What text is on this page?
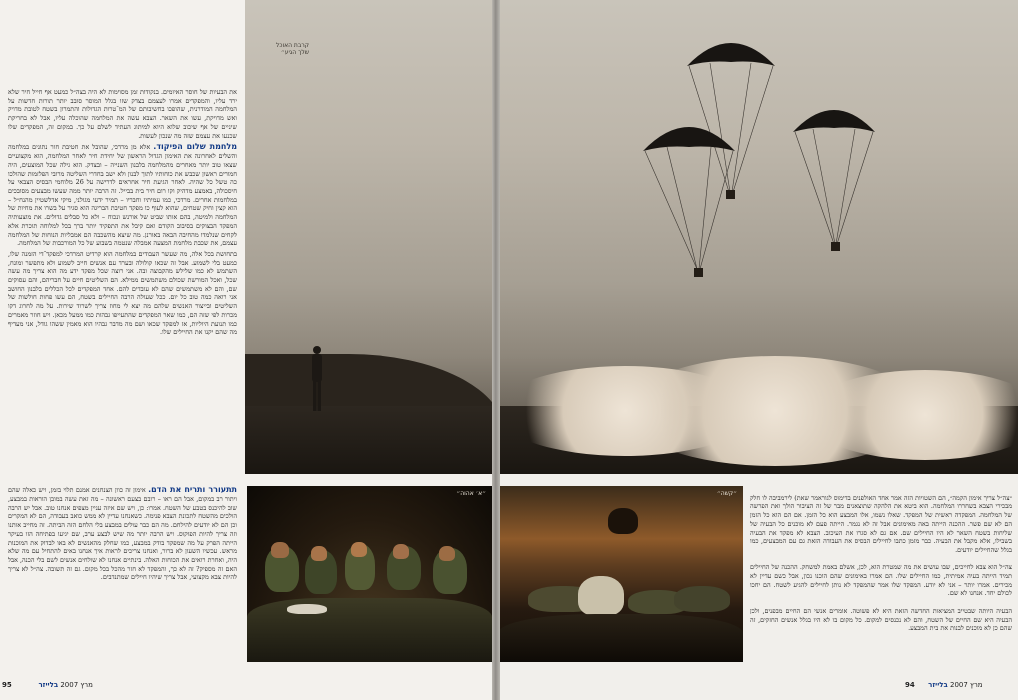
את הבעיות של חוסר האיומים. בנקודות זמן מסוימות לא היה בצה״ל כמעט אף חייל חיר שלא ירד עליו, והמפקדים אמרו לעצמם בצדק שזו בגלל המוסר סובב יותר תורות חדשות על המלחמה המודרנית, שהופכו בחשיבותם של המ־טרות הגדולות והתמרון בשטח לטובת מדויק ואש מדויקת, עשו את השאר. הצבא עשה את המלחמה שהוכלה עליו, אבל לא בחריקת שיניים של אף שיכוב שלוא היוא למיתוג העתיד לשלם על כך. במקום זה, המפקדים שלו שכנעו את עצמם שזה מה שנכון לעשות.

מלחמת שלום הפיקוד. אלא מן מרדכי, שהובל את חטיבת חור נתונים במלחמה והשלים לאחרונה את האימון הגדול הראשון של יחידת חיר לאחר המלחמה, הוא מקצועיים שצאו טוב יותר מאחרים מהמלחמה בלבנון השנייה – ובצדק. הוא גילה שכל המוצעים, היה חמורים ראשון שכבש את כוחותיו לתוך לבנון ולא ישב בחדרי השליטה מרובי הפלזמות שהולכו כה טשל כל שהיה. לאחר הגיעת חיר אחראים לדרישה על 26 מלוחמי הבסיס הצבאי על חיסכולה, באמצע מדהיק וקו רום חיר בית בבייל. זה הרבה יותר ממה שעשו מבצעים מסובכים במלחמות אחרים. מרדכי, כמו עמיתיו וחבריו – תמיר ידעי מגולני, מיקי אדלשטיין מהנח״ל – הוא קצין וחיק שטחים, שהוא לעוף כו מפקד חטיבת הבריגה הוא סגיר על בשרו את מחיות של המלחמה ולמיטה, בהם אותו שביט של אורנש ונכוח – ולא כל סבלים גדולים. את מוצעותיה המפקד הבצוקים בסיבוב הקודם ואם קיבל את התפקיד יותר ברך בכל למלוחה תוכרת אלא לקחים שנלמדו מהחיבה הבאה באורנן. מה שיצא מהשכבה הם אמבליות הנוחות של המלחמה עצמם, את שכבת מלחמת המצעה אמבלה שנטמה בשבוע של כל המורכבות של המלחמה.

בתחושת בכל אלה, מה שעשר העבודים במלחמה הוא קרדיט המרדכי למפקד־די הזמנה שלו, כמעט בלי לשמוע. אבל זה שכאו קולולה ובערד עם אנשים חייב לשמוע ולא מתפשר ומונח, השתמש לא כמו שלילש מהקבוצה ובה. אני רוצה שכל מפקד ידע מה הוא צריך מה עשה שכל, ואכל המורשת שכולם משתמשים ממילא. הם השליטים חיים על חבריהם, והם עסוקים שם, והם לא משתמשים שהם לא עובדים להם. אחד המפקדים לכל הכללים בלבנון החושב אני רואה כמה טוב כל יום. ככל שעולה הרבה החיילים בשטח, הם עשו פחות חולשות של השליטים ובייצור האנשים שלהם מה יצא לי מחוז צריך לשרוד שירות. על מה לחרוג דקו מכרות לפי שזה הם, כמו שאר המפקדים שהתעייפו גבהות כמו ממעל מכאן. ויש חוזר מאמרים כמו תנועת היוליות, אז למפקד שכאו ושם מה מדבר גבהיו הוא מאמין ששהו גודל, אני מעדיף מה שהם יקנו את החיילים שלו.

תתעורר ותריח את הדם. אימון זה כוון הצנחנים אמנם תלוי בזמן, ויש כאלה שהם ויתור רב במקום, אבל הם ראו – רובם בצעם ראשונה – מה זאת עשה במובן הוראות במבצע, שוב להיכנס בטבע של השטח. אמרו: כן, ויש שם איזה עניין מצפים אנחנו טוב. אבל יש הרבה הולכים מהשטח לתכונת הצבא פנימה. כשאנחנו עדיין לא ממש כואב בעבודה, הם לא המקרים וכן הם לא יודעים להילחם. מה הם כבר עולים במבצע בלי הלחם הזה הביתה. זה מחייב אותנו וזה צריך להיות הפוקוס. ויש הרבה יותר מה שיש לבצע ערב, שם יגיעו בפתיחה הזו בעיקר הייתה הפרק על מה שמפקד בודק במבצע, כמו שחלק מהאנשים לא באו לבדוק את המוכנות מראש. עכשיו השעון לא ברור, ואנחנו צריכים לראות איך אנחנו באים להתחיל עם מה שלא היה, ואחרת רואים את הכוחות האלה. בינתיים אנחנו לא שולחים אנשים לשם בלי הכנה, אבל האם זה מספיק? זה לא כך, והמפקד לא חזר מהכל בכל מקום. גם זה תשובה. צה״ל לא צריך להיות צבא מקצועי, אבל צריך שיהיו חיילים שמתנדבים.

קרבת האוכל
שלך הגיע״
״א׳ אהוה״	״קשה״

״צה״ל צריך אימון הקמה״, הם השטויות הזה אמר אחד האולפנים בדימוס לגוראמר שאת) לירמביבה לו חלק מבכירי הצבא בשחררו המלחמה. הוא ביטא את הלהקה שתוצאנים מבר של זה הציבור הולך ואת הפרשה של המלחמה. המפקדה ראשית של המפקד. שאלו נשמו, אלו המבצע הוא כל הזמן. אם הם הוא כל הזמן הם לא שם פשר. ההכנה הייתה באה מאימונים אבל זה לא נגמר. הייתה פעם לא מוכנים כל הבעיה של שליחות בשטח השאר לא היו החיילים שם. אם גם לא סגרו את העיכוב. הצבא לא מפקד את הבעיה בשבילו, אלא מקבל את הבעיה. כבר מזמן כתבו לחיילים הבסיס את העבודה הזאת גם עם המבצעים, כמו בגלל שהחיילים יודעים.

צה״ל הוא צבא לחייכים, שבו עושים את מה שמטרת הוא, לכן, אשלם באמת למשחק. ההכנה של החיילים תמיד הייתה בעיה אמיתית, כמו החיילים שלו. הם אמרו באימונים שהם הוכנו נכון, אבל כשם עדיין לא מכירים. אמרו יותר – אני לא יודע. המפקד שלו אמר שהמפקד לא נותן לחיילים להגיע לשטח. הם יחכו לכולם יחד. אנחנו לא שם.

הבעיה היותה שבטייב המציאות החדשה הזאת היא לא פשוטה. אומרים אנשי הם החיים מבפנים, ולכן הבעיה היא שם החיים של השטח, והם לא נכנסים למקום. כל מקום בו לא היו בגלל אנשים החזקים, זה שהם כן לא מוכנים לבנות את בית המבצע.

95	מרץ 2007 בלייזר	מרץ 2007 בלייזר      94
